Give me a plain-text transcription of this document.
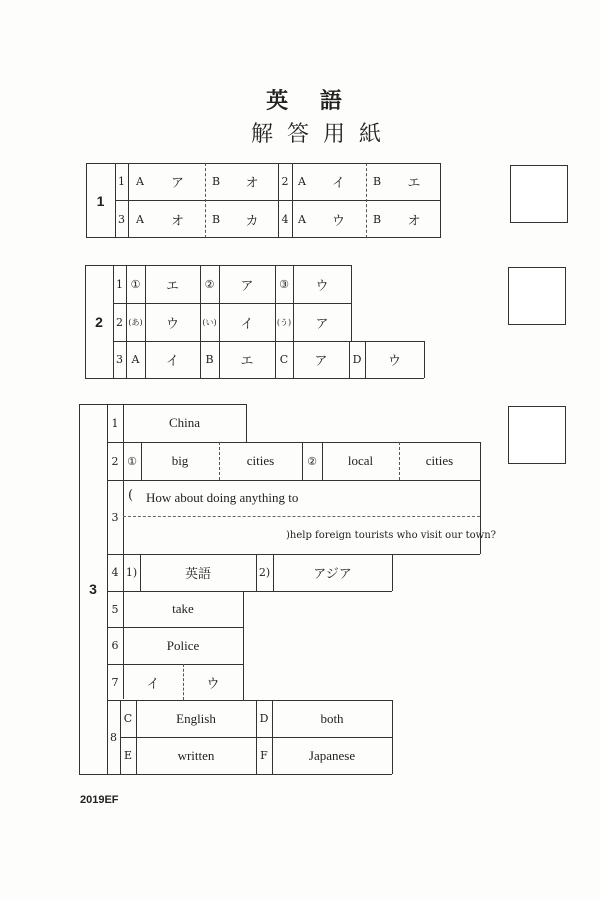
英 語
解答用紙
1
1	A	ア	B	オ	2 A	イ	B	エ
3	A	オ	B	カ	4 A	ウ	B	オ
2
1 ①	エ	②	ア	③	ウ
2 (あ)	ウ	(い)	イ	(う)	ア
3 A	イ	B	エ	C	ア	D	ウ
3
1	China
2 ①	big	cities	②	local	cities
3
( How about doing anything to
)help foreign tourists who visit our town?
4 1)	英語	2)	アジア
5	take
6	Police
7	イ	ウ
8
C	English	D	both
E	written	F	Japanese
2019EF
